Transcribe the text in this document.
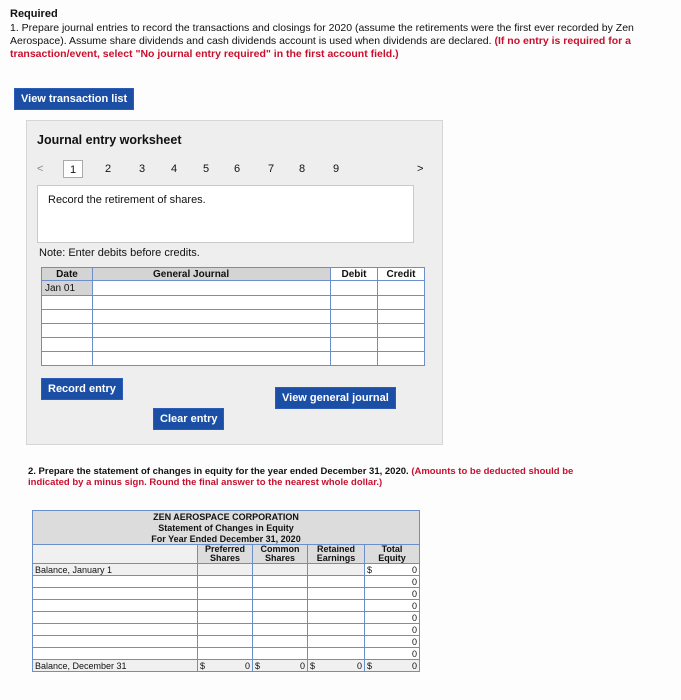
Required
1. Prepare journal entries to record the transactions and closings for 2020 (assume the retirements were the first ever recorded by Zen Aerospace). Assume share dividends and cash dividends account is used when dividends are declared. (If no entry is required for a transaction/event, select "No journal entry required" in the first account field.)
View transaction list
Journal entry worksheet
<	1	2	3 4 5 6	7 8	9	>
Record the retirement of shares.
Note: Enter debits before credits.
Date	General Journal	Debit	Credit
Jan 01			

Record entry
Clear entry
View general journal
2. Prepare the statement of changes in equity for the year ended December 31, 2020. (Amounts to be deducted should be indicated by a minus sign. Round the final answer to the nearest whole dollar.)
ZEN AEROSPACE CORPORATION				
Statement of Changes in Equity				
For Year Ended December 31, 2020				
	Preferred Shares	Common Shares	Retained Earnings	Total Equity
Balance, January 1				$ 0
				0
				0
				0
				0
				0
				0
				0
Balance, December 31	$ 0	$ 0	$ 0	$ 0
